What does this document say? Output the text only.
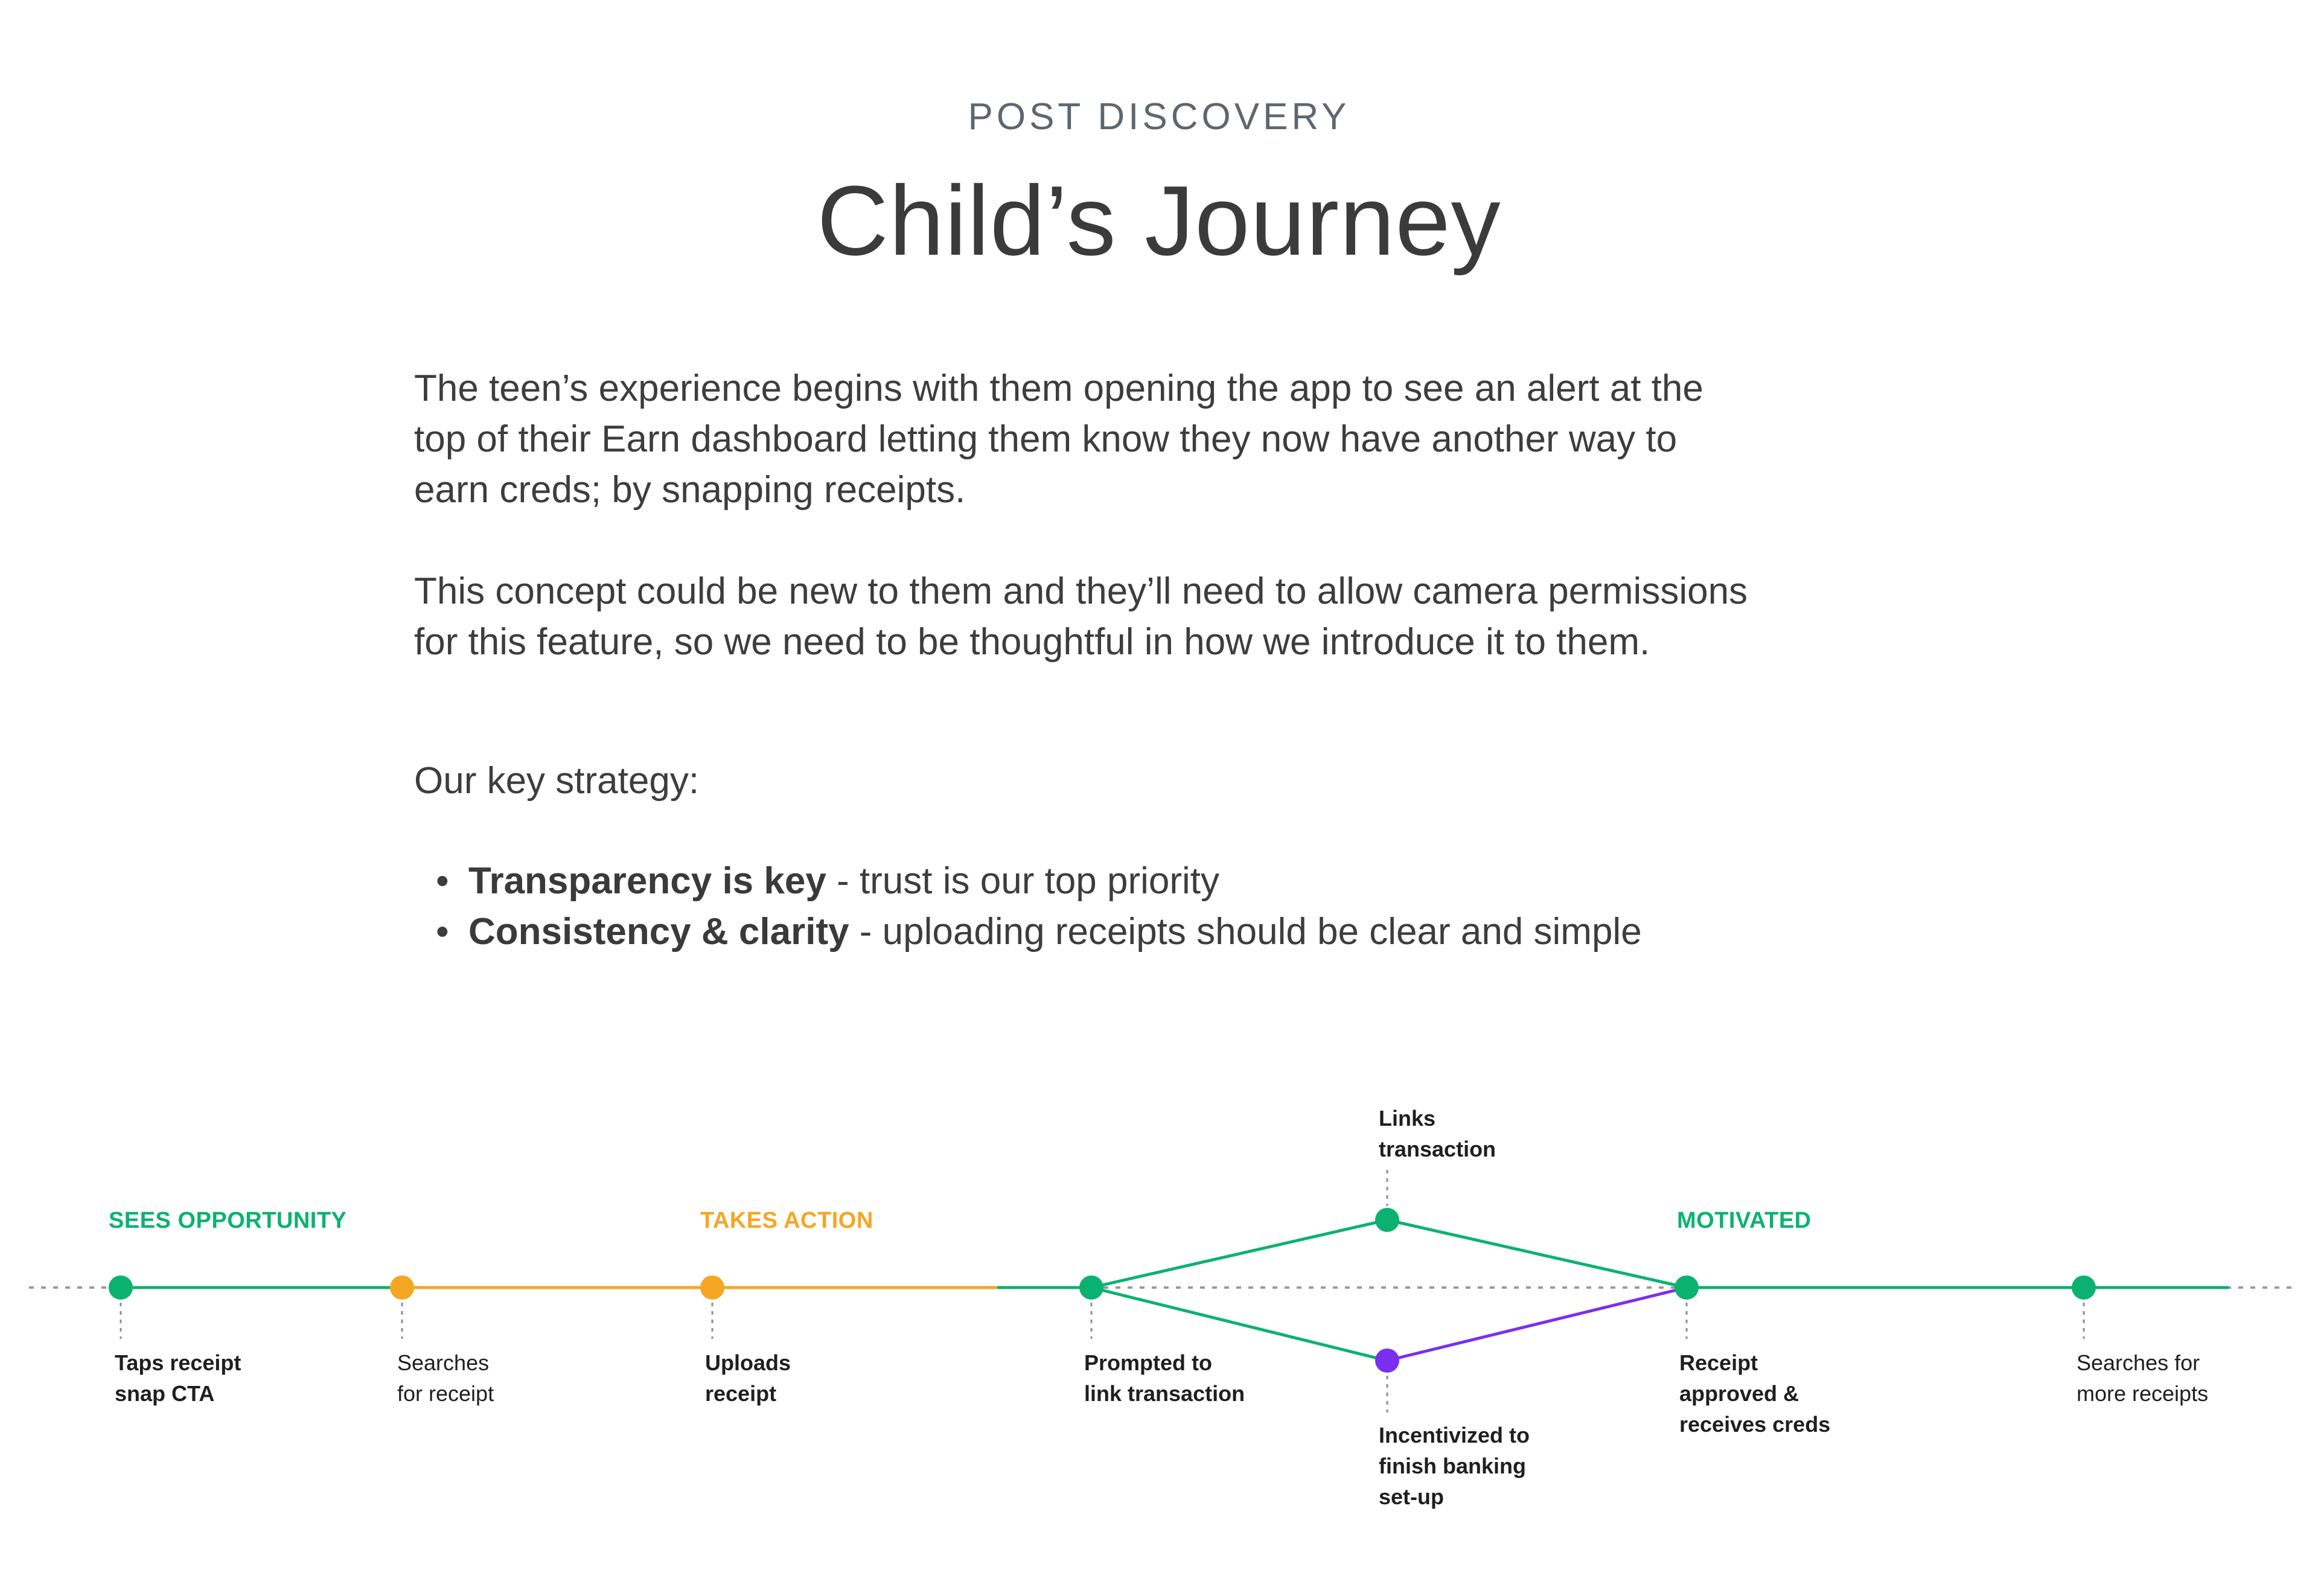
POST DISCOVERY
Child’s Journey
The teen’s experience begins with them opening the app to see an alert at the
top of their Earn dashboard letting them know they now have another way to
earn creds; by snapping receipts.
This concept could be new to them and they’ll need to allow camera permissions
for this feature, so we need to be thoughtful in how we introduce it to them.
Our key strategy:
• Transparency is key - trust is our top priority
• Consistency & clarity - uploading receipts should be clear and simple
SEES OPPORTUNITY	TAKES ACTION	MOTIVATED
Taps receipt snap CTA
Searches for receipt
Uploads receipt
Prompted to link transaction
Links transaction
Incentivized to finish banking set-up
Receipt approved & receives creds
Searches for more receipts
